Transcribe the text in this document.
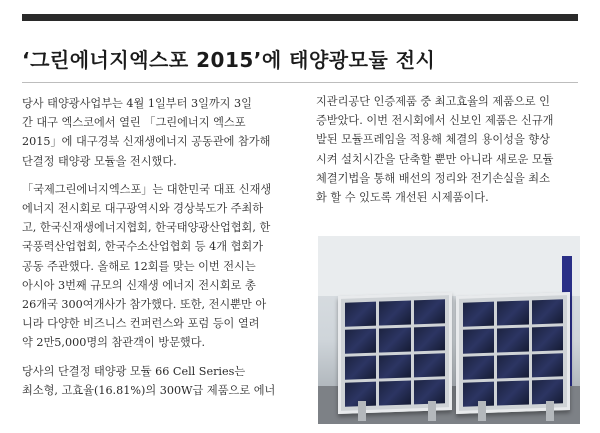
‘그린에너지엑스포 2015’에 태양광모듈 전시

당사 태양광사업부는 4월 1일부터 3일까지 3일
간 대구 엑스코에서 열린 「그린에너지 엑스포
2015」에 대구경북 신재생에너지 공동관에 참가해
단결정 태양광 모듈을 전시했다.

「국제그린에너지엑스포」는 대한민국 대표 신재생
에너지 전시회로 대구광역시와 경상북도가 주최하
고, 한국신재생에너지협회, 한국태양광산업협회, 한
국풍력산업협회, 한국수소산업협회 등 4개 협회가
공동 주관했다. 올해로 12회를 맞는 이번 전시는
아시아 3번째 규모의 신재생 에너지 전시회로 총
26개국 300여개사가 참가했다. 또한, 전시뿐만 아
니라 다양한 비즈니스 컨퍼런스와 포럼 등이 열려
약 2만5,000명의 참관객이 방문했다.

당사의 단결정 태양광 모듈 66 Cell Series는
최소형, 고효율(16.81%)의 300W급 제품으로 에너

지관리공단 인증제품 중 최고효율의 제품으로 인
증받았다. 이번 전시회에서 신보인 제품은 신규개
발된 모듈프레임을 적용해 체결의 용이성을 향상
시켜 설치시간을 단축할 뿐만 아니라 새로운 모듈
체결기법을 통해 배선의 정리와 전기손실을 최소
화 할 수 있도록 개선된 시제품이다.
